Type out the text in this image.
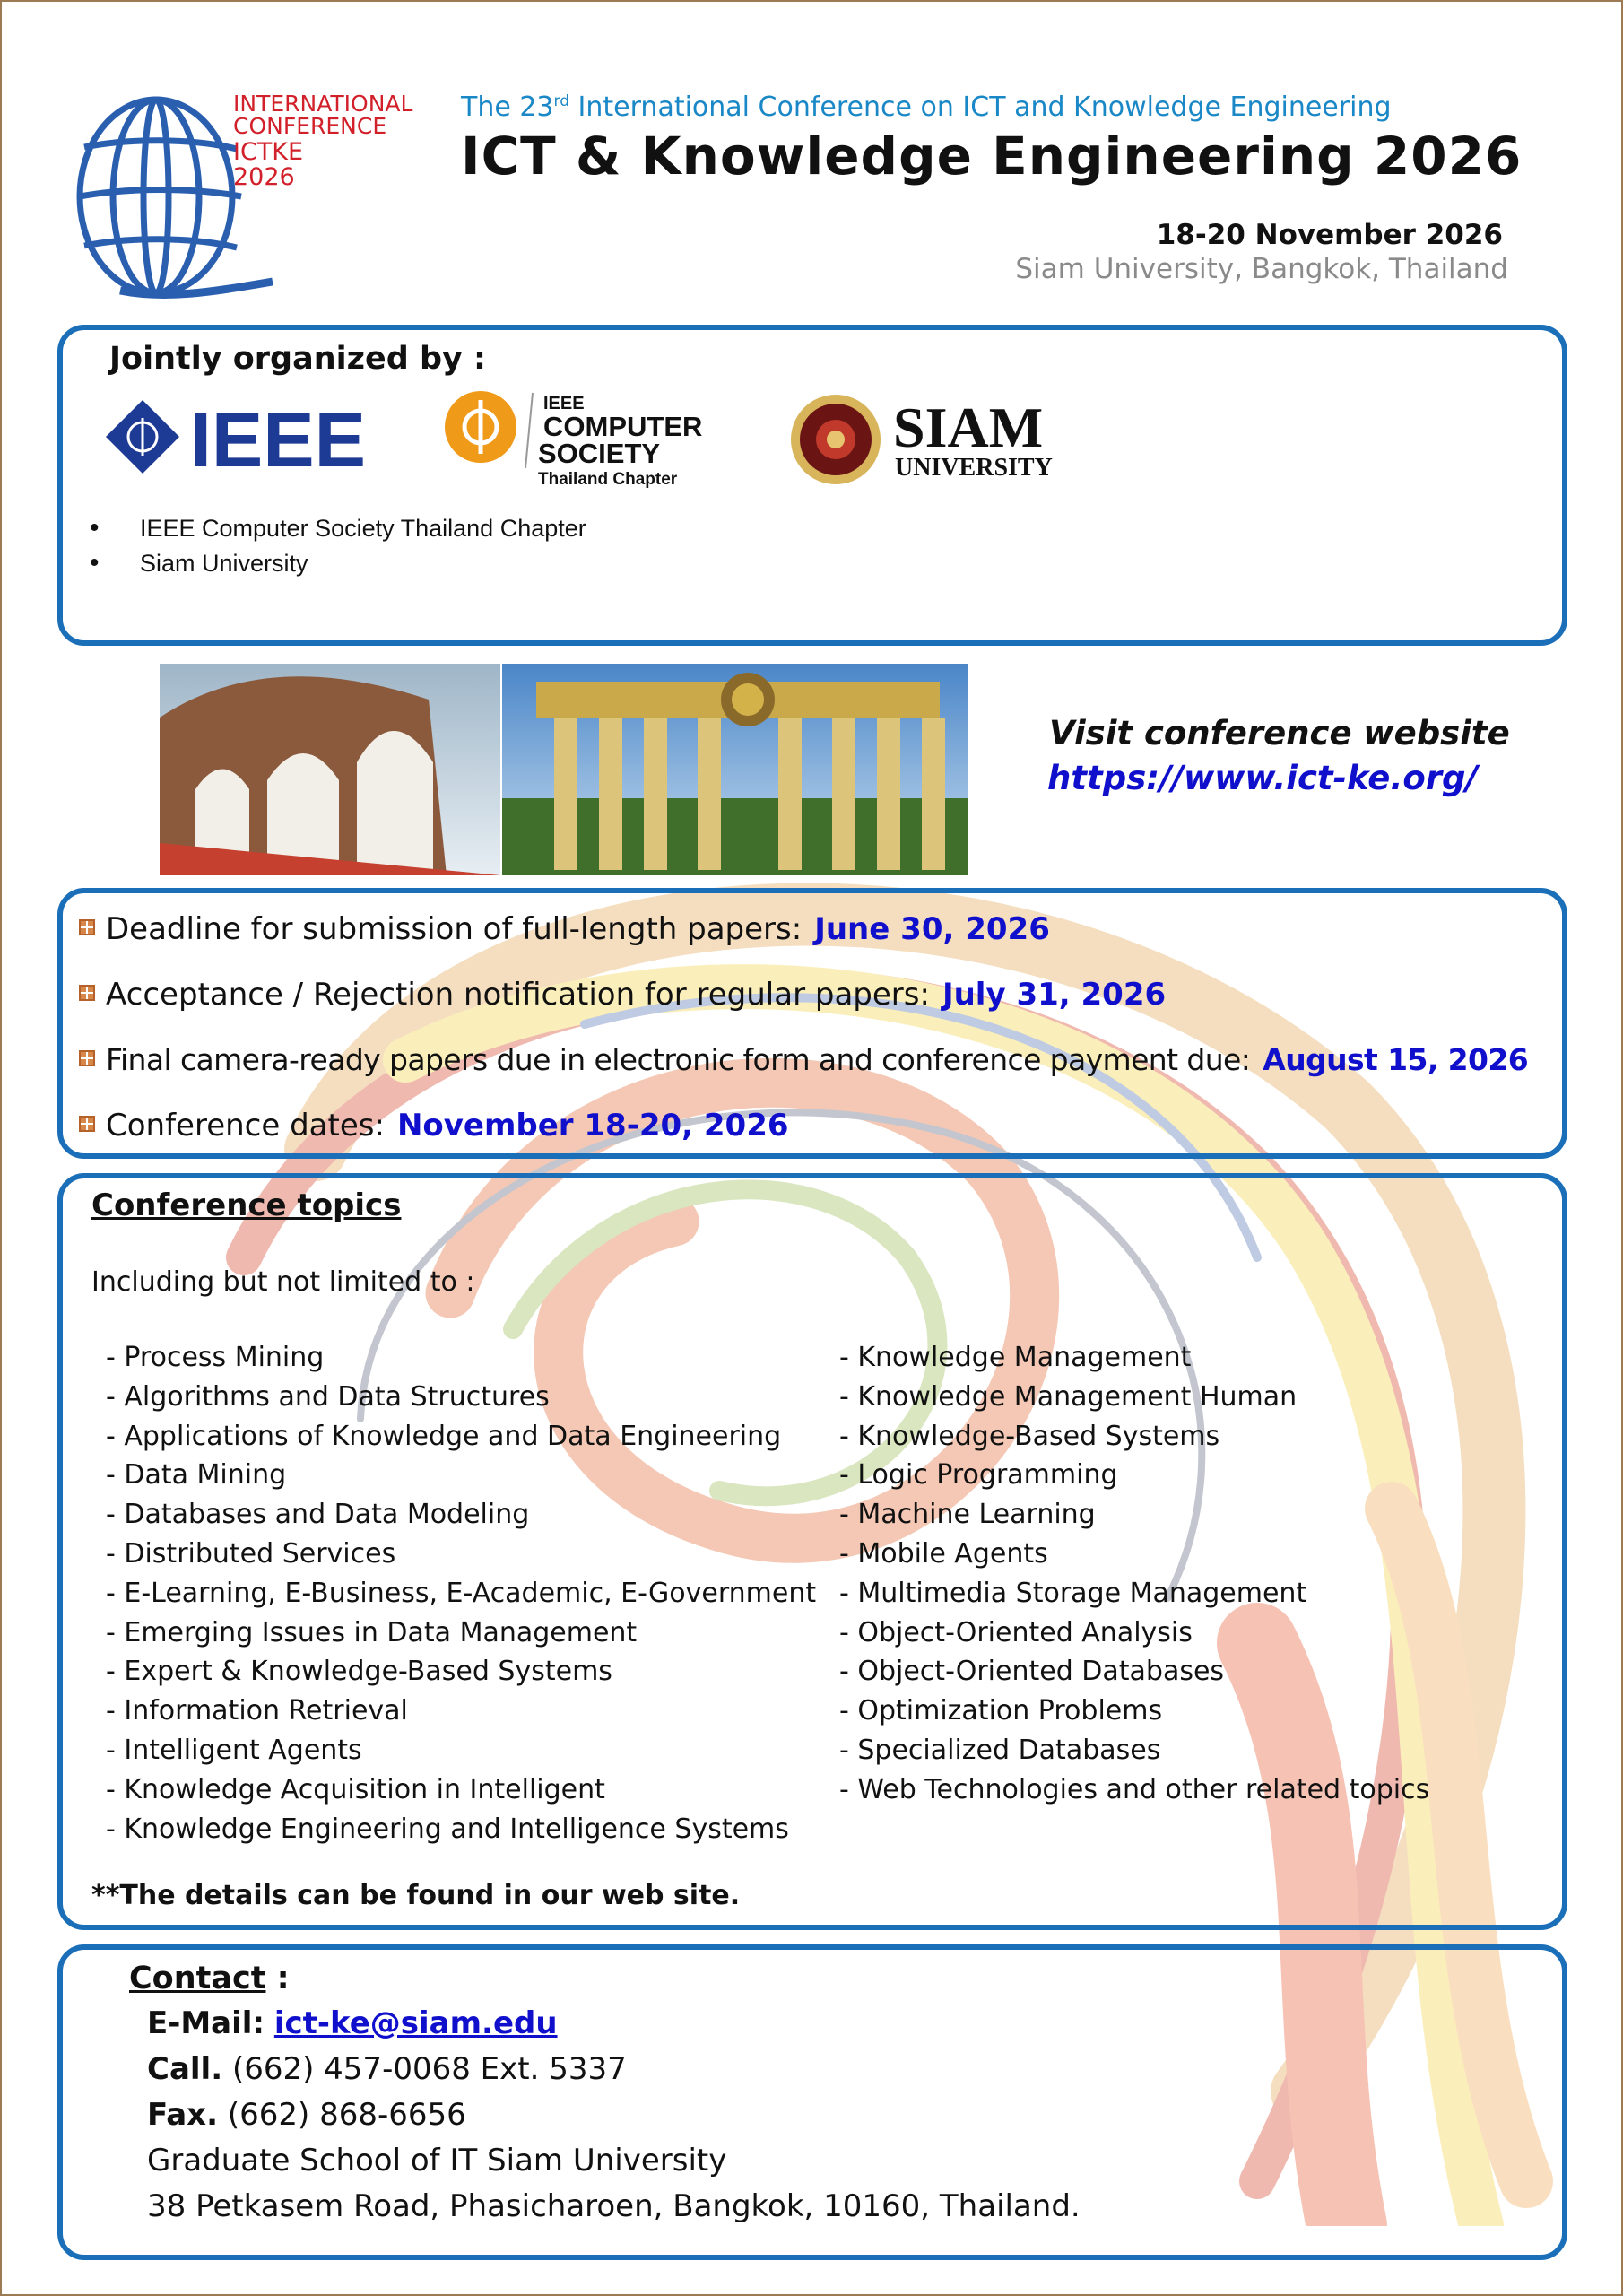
INTERNATIONAL
CONFERENCE
ICTKE
2026
The 23rd International Conference on ICT and Knowledge Engineering
ICT & Knowledge Engineering 2026
18-20 November 2026
Siam University, Bangkok, Thailand
Jointly organized by :
IEEE	IEEE
COMPUTER
SOCIETY
Thailand Chapter
SIAM
UNIVERSITY
• IEEE Computer Society Thailand Chapter
• Siam University
Visit conference website
https://www.ict-ke.org/
Deadline for submission of full-length papers: June 30, 2026
Acceptance / Rejection notification for regular papers: July 31, 2026
Final camera-ready papers due in electronic form and conference payment due: August 15, 2026
Conference dates: November 18-20, 2026
Conference topics
Including but not limited to :
- Process Mining
- Algorithms and Data Structures
- Applications of Knowledge and Data Engineering
- Data Mining
- Databases and Data Modeling
- Distributed Services
- E-Learning, E-Business, E-Academic, E-Government
- Emerging Issues in Data Management
- Expert & Knowledge-Based Systems
- Information Retrieval
- Intelligent Agents
- Knowledge Acquisition in Intelligent
- Knowledge Engineering and Intelligence Systems
- Knowledge Management
- Knowledge Management Human
- Knowledge-Based Systems
- Logic Programming
- Machine Learning
- Mobile Agents
- Multimedia Storage Management
- Object-Oriented Analysis
- Object-Oriented Databases
- Optimization Problems
- Specialized Databases
- Web Technologies and other related topics
**The details can be found in our web site.
Contact :
E-Mail: ict-ke@siam.edu
Call. (662) 457-0068 Ext. 5337
Fax. (662) 868-6656
Graduate School of IT Siam University
38 Petkasem Road, Phasicharoen, Bangkok, 10160, Thailand.
